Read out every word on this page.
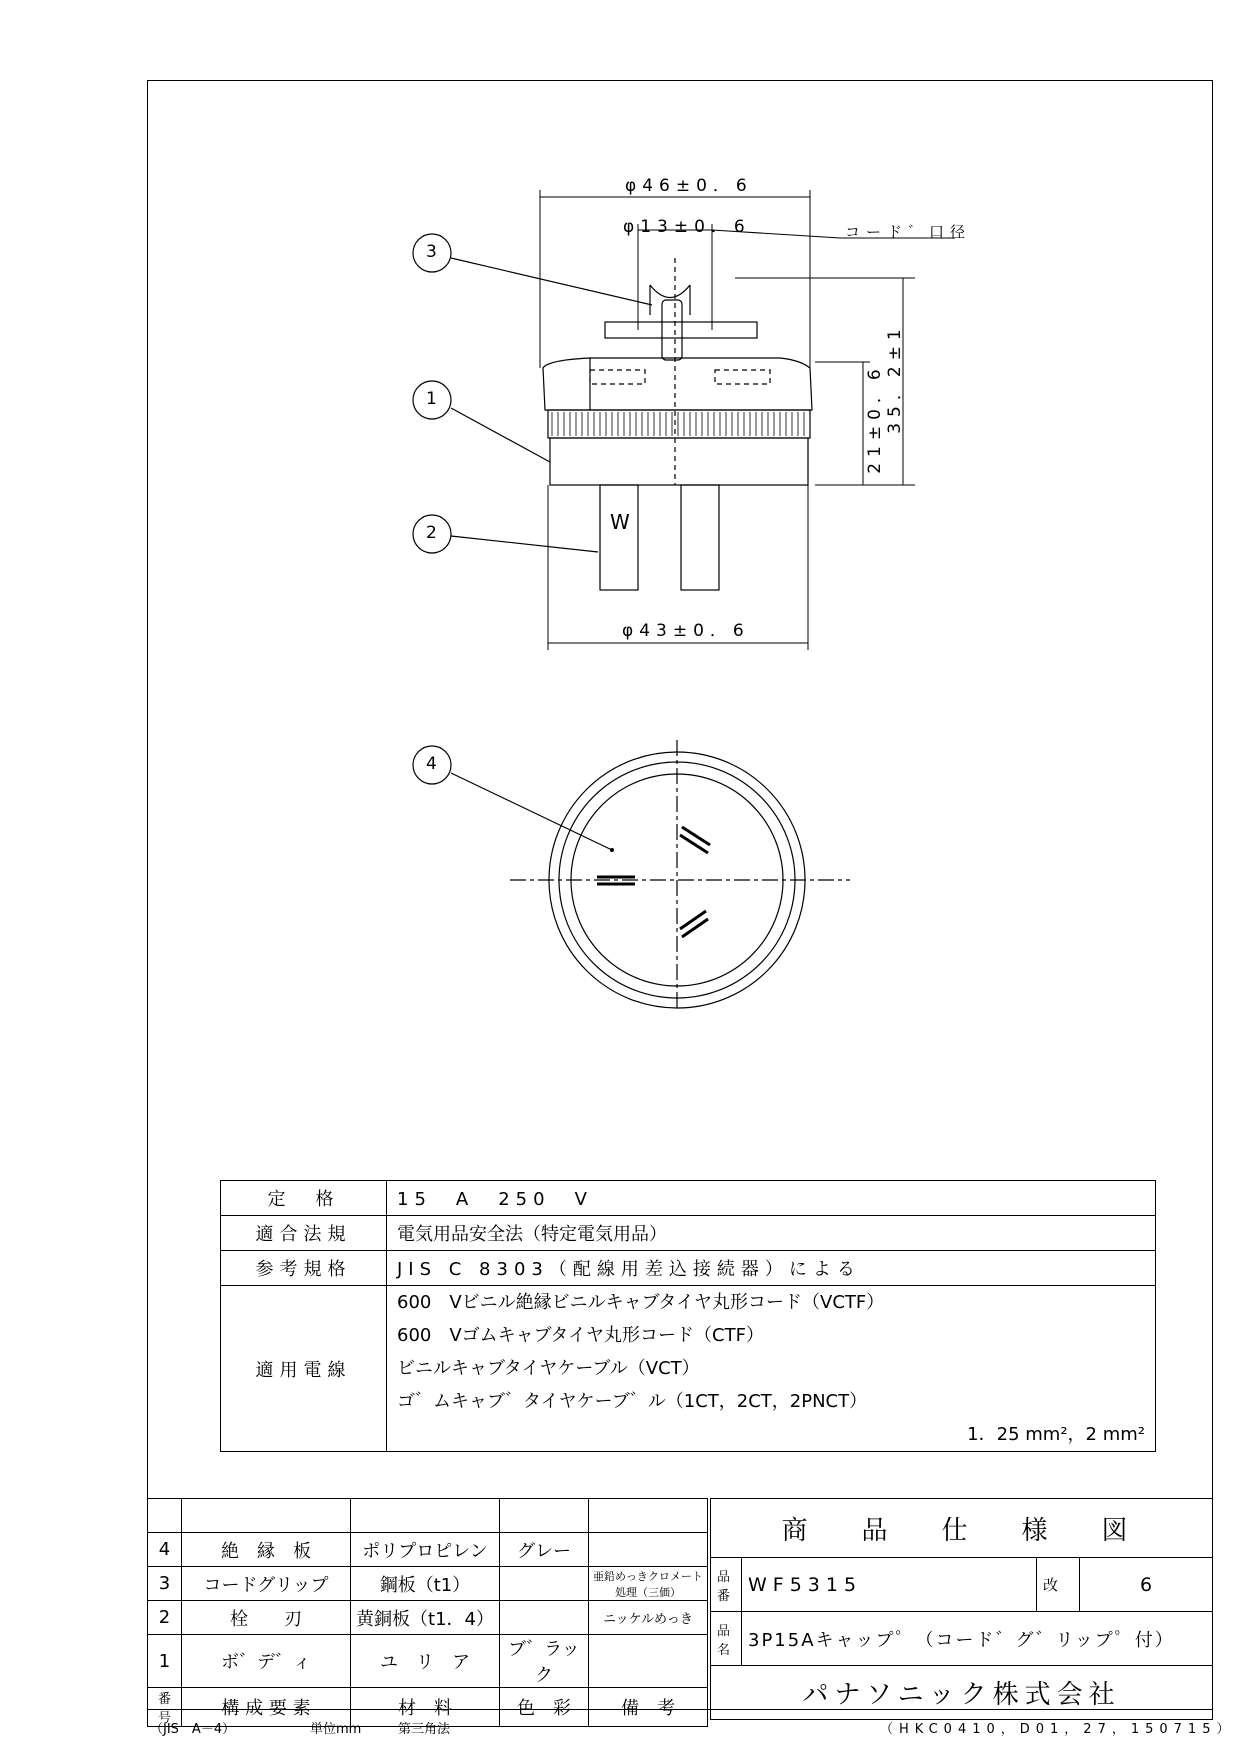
φ46±0．6
φ13±0．6	コード゛口径
φ43±0．6
21±0．6 35．2±1
W
3
1
2
4
定　格	15　A　250　V
適合法規	電気用品安全法（特定電気用品）
参考規格	JIS C 8303（配線用差込接続器）による
適用電線	600　Vビニル絶縁ビニルキャブタイヤ丸形コード（VCTF）
600　Vゴムキャブタイヤ丸形コード（CTF）
ビニルキャブタイヤケーブル（VCT）
ゴ゛ムキャブ゛タイヤケーブ゛ル（1CT，2CT，2PNCT）
1．25 mm²，2 mm²

4	絶　縁　板	ポリプロピレン	グレー	
3	コードグリップ	鋼板（t1）		亜鉛めっきクロメート処理（三価）
2	栓　　刃	黄銅板（t1．4）		ニッケルめっき
1	ボ゛デ゛ィ	ユ　リ　ア	ブ゛ラック	
番号	構 成 要 素	材　料	色　彩	備　考
商　品　仕　様　図			
品番	WF5315	改	6
品名	3P15Aキャップ゜（コード゛グ゛リップ゜付）		
パナソニック株式会社			
（JIS　A－4）	単位mm	第三角法	（HKC0410，D01，27，150715）
